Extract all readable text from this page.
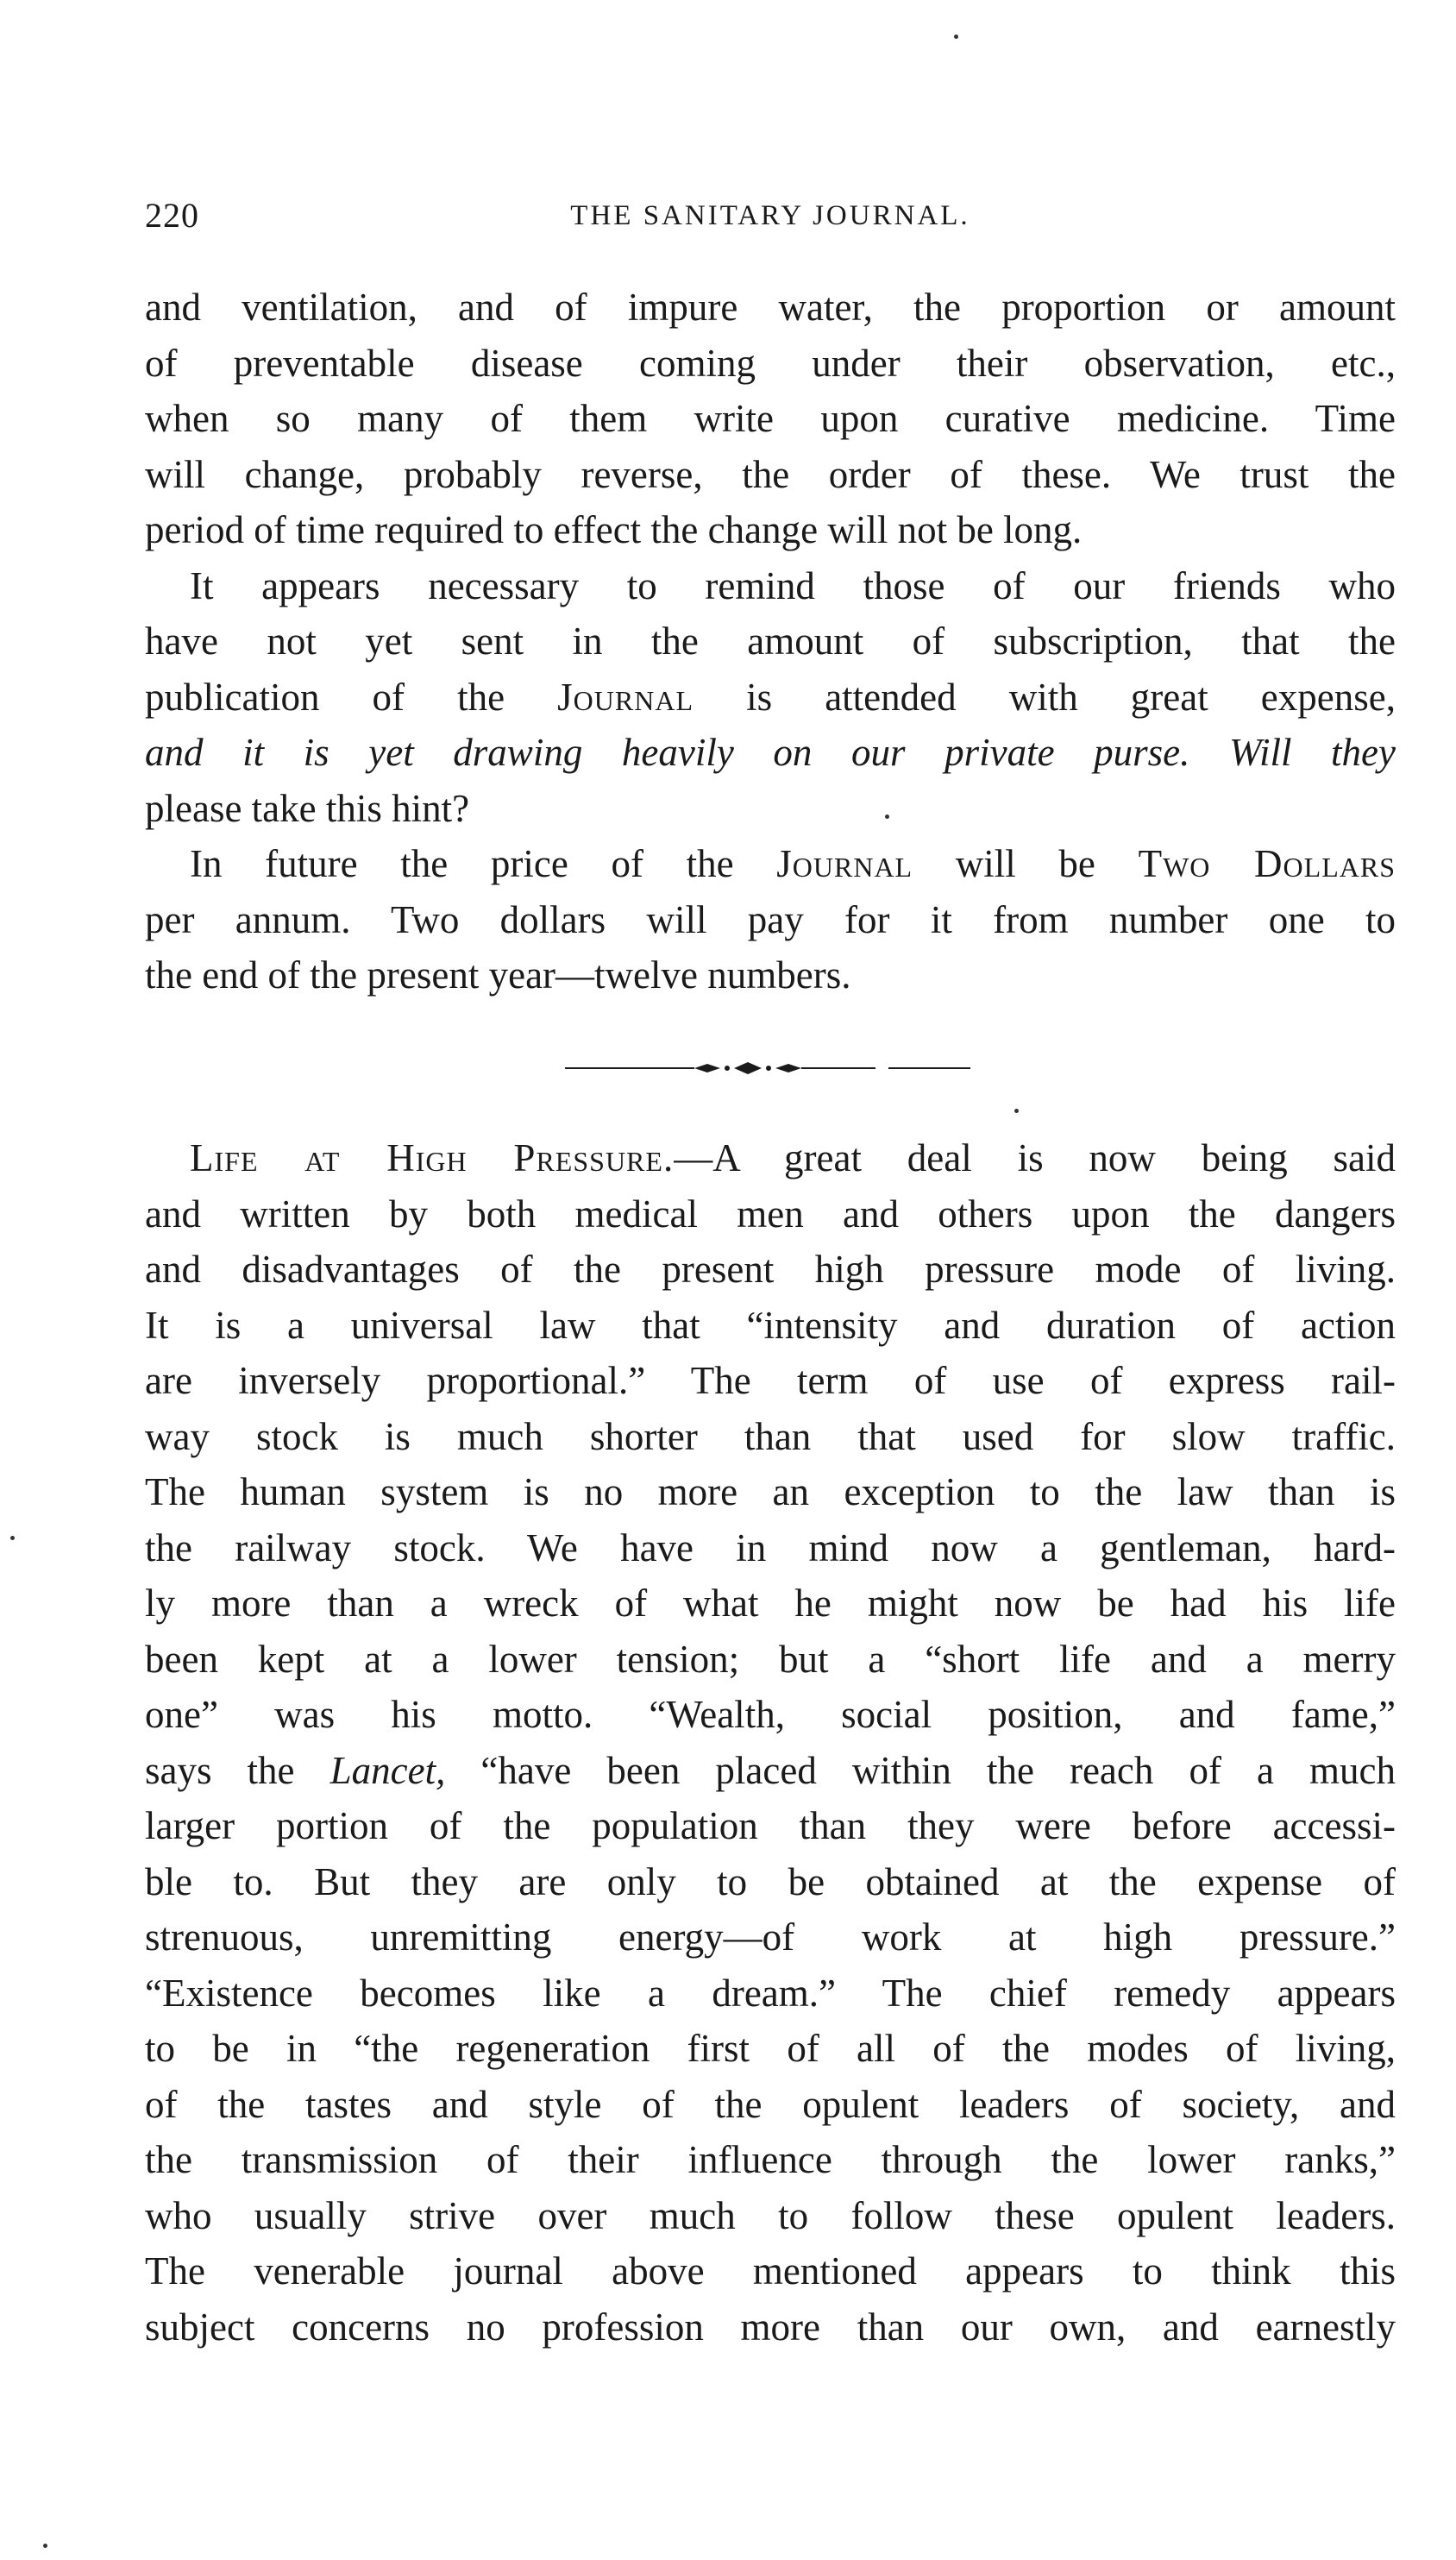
220	THE SANITARY JOURNAL.
and ventilation, and of impure water, the proportion or amount
of preventable disease coming under their observation, etc.,
when so many of them write upon curative medicine. Time
will change, probably reverse, the order of these. We trust the
period of time required to effect the change will not be long.
It appears necessary to remind those of our friends who
have not yet sent in the amount of subscription, that the
publication of the Journal is attended with great expense,
and it is yet drawing heavily on our private purse. Will they
please take this hint?
In future the price of the Journal will be Two Dollars
per annum. Two dollars will pay for it from number one to
the end of the present year—twelve numbers.
Life at High Pressure.—A great deal is now being said
and written by both medical men and others upon the dangers
and disadvantages of the present high pressure mode of living.
It is a universal law that “intensity and duration of action
are inversely proportional.” The term of use of express rail-
way stock is much shorter than that used for slow traffic.
The human system is no more an exception to the law than is
the railway stock. We have in mind now a gentleman, hard-
ly more than a wreck of what he might now be had his life
been kept at a lower tension; but a “short life and a merry
one” was his motto. “Wealth, social position, and fame,”
says the Lancet, “have been placed within the reach of a much
larger portion of the population than they were before accessi-
ble to. But they are only to be obtained at the expense of
strenuous, unremitting energy—of work at high pressure.”
“Existence becomes like a dream.” The chief remedy appears
to be in “the regeneration first of all of the modes of living,
of the tastes and style of the opulent leaders of society, and
the transmission of their influence through the lower ranks,”
who usually strive over much to follow these opulent leaders.
The venerable journal above mentioned appears to think this
subject concerns no profession more than our own, and earnestly
